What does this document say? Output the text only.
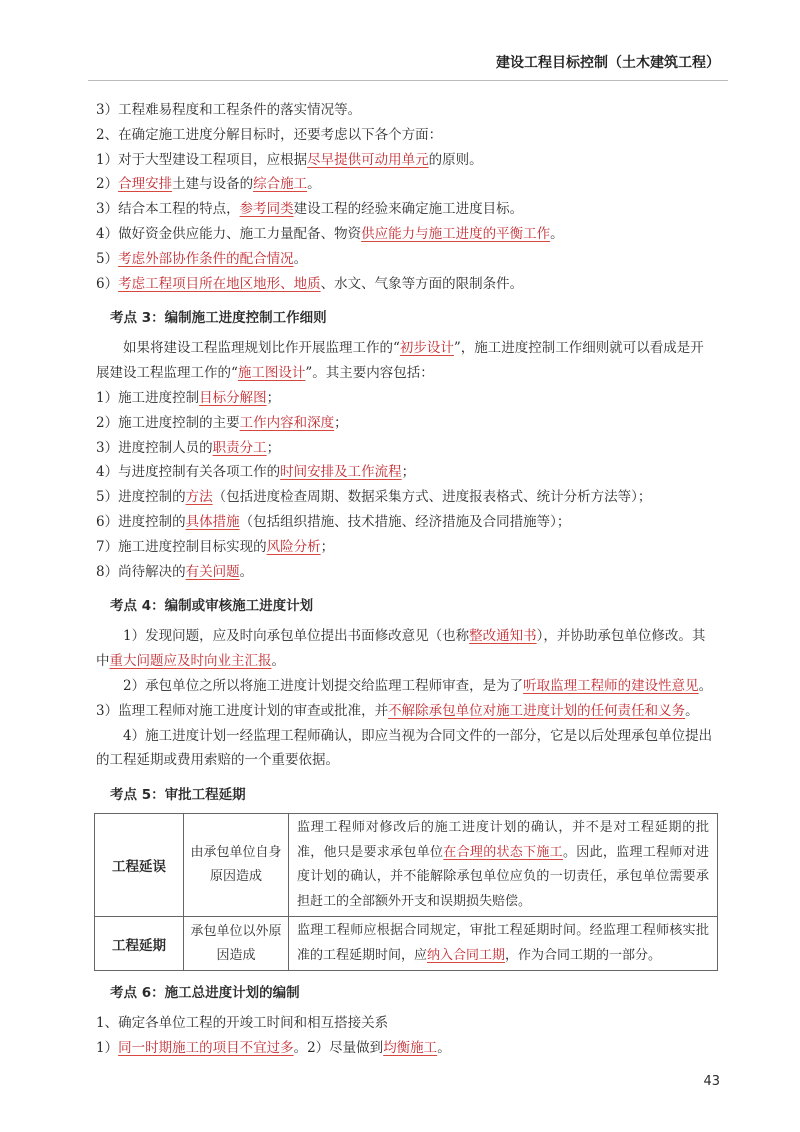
建设工程目标控制（土木建筑工程）
3）工程难易程度和工程条件的落实情况等。
2、在确定施工进度分解目标时，还要考虑以下各个方面：
1）对于大型建设工程项目，应根据尽早提供可动用单元的原则。
2）合理安排土建与设备的综合施工。
3）结合本工程的特点，参考同类建设工程的经验来确定施工进度目标。
4）做好资金供应能力、施工力量配备、物资供应能力与施工进度的平衡工作。
5）考虑外部协作条件的配合情况。
6）考虑工程项目所在地区地形、地质、水文、气象等方面的限制条件。
考点 3：编制施工进度控制工作细则
如果将建设工程监理规划比作开展监理工作的“初步设计”，施工进度控制工作细则就可以看成是开展建设工程监理工作的“施工图设计”。其主要内容包括：
1）施工进度控制目标分解图；
2）施工进度控制的主要工作内容和深度；
3）进度控制人员的职责分工；
4）与进度控制有关各项工作的时间安排及工作流程；
5）进度控制的方法（包括进度检查周期、数据采集方式、进度报表格式、统计分析方法等）；
6）进度控制的具体措施（包括组织措施、技术措施、经济措施及合同措施等）；
7）施工进度控制目标实现的风险分析；
8）尚待解决的有关问题。
考点 4：编制或审核施工进度计划
1）发现问题，应及时向承包单位提出书面修改意见（也称整改通知书），并协助承包单位修改。其中重大问题应及时向业主汇报。
2）承包单位之所以将施工进度计划提交给监理工程师审查，是为了听取监理工程师的建设性意见。3）监理工程师对施工进度计划的审查或批准，并不解除承包单位对施工进度计划的任何责任和义务。
4）施工进度计划一经监理工程师确认，即应当视为合同文件的一部分，它是以后处理承包单位提出的工程延期或费用索赔的一个重要依据。
考点 5：审批工程延期
工程延误	由承包单位自身原因造成	监理工程师对修改后的施工进度计划的确认，并不是对工程延期的批准，他只是要求承包单位在合理的状态下施工。因此，监理工程师对进度计划的确认，并不能解除承包单位应负的一切责任，承包单位需要承担赶工的全部额外开支和误期损失赔偿。
工程延期	承包单位以外原因造成	监理工程师应根据合同规定，审批工程延期时间。经监理工程师核实批准的工程延期时间，应纳入合同工期，作为合同工期的一部分。
考点 6：施工总进度计划的编制
1、确定各单位工程的开竣工时间和相互搭接关系
1）同一时期施工的项目不宜过多。2）尽量做到均衡施工。
43
